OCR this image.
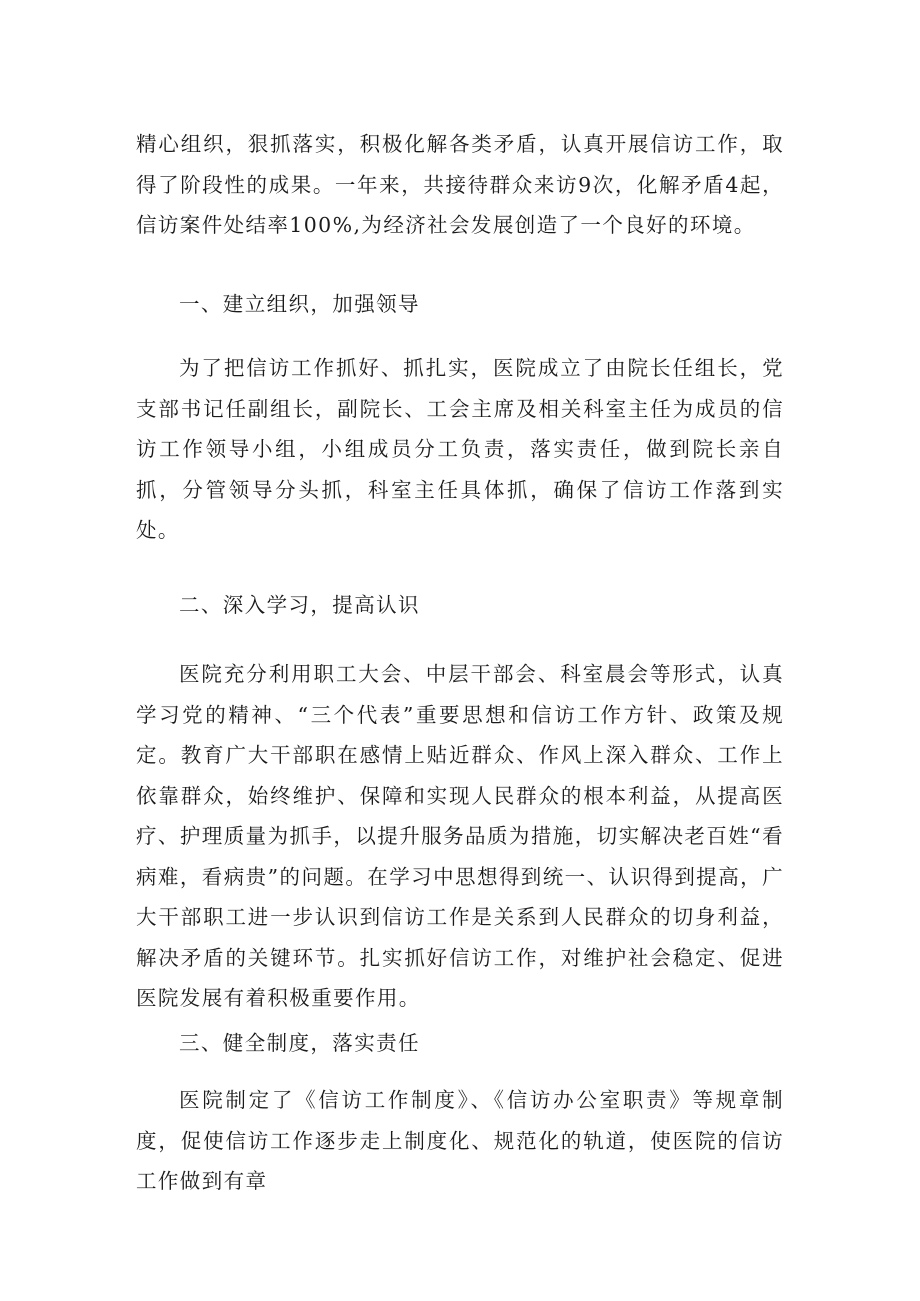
精心组织，狠抓落实，积极化解各类矛盾，认真开展信访工作，取得了阶段性的成果。一年来，共接待群众来访9次，化解矛盾4起，信访案件处结率100%,为经济社会发展创造了一个良好的环境。

一、建立组织，加强领导

为了把信访工作抓好、抓扎实，医院成立了由院长任组长，党支部书记任副组长，副院长、工会主席及相关科室主任为成员的信访工作领导小组，小组成员分工负责，落实责任，做到院长亲自抓，分管领导分头抓，科室主任具体抓，确保了信访工作落到实处。

二、深入学习，提高认识

医院充分利用职工大会、中层干部会、科室晨会等形式，认真学习党的精神、“三个代表”重要思想和信访工作方针、政策及规定。教育广大干部职在感情上贴近群众、作风上深入群众、工作上依靠群众，始终维护、保障和实现人民群众的根本利益，从提高医疗、护理质量为抓手，以提升服务品质为措施，切实解决老百姓“看病难，看病贵”的问题。在学习中思想得到统一、认识得到提高，广大干部职工进一步认识到信访工作是关系到人民群众的切身利益，解决矛盾的关键环节。扎实抓好信访工作，对维护社会稳定、促进医院发展有着积极重要作用。

三、健全制度，落实责任

医院制定了《信访工作制度》、《信访办公室职责》等规章制度，促使信访工作逐步走上制度化、规范化的轨道，使医院的信访工作做到有章
